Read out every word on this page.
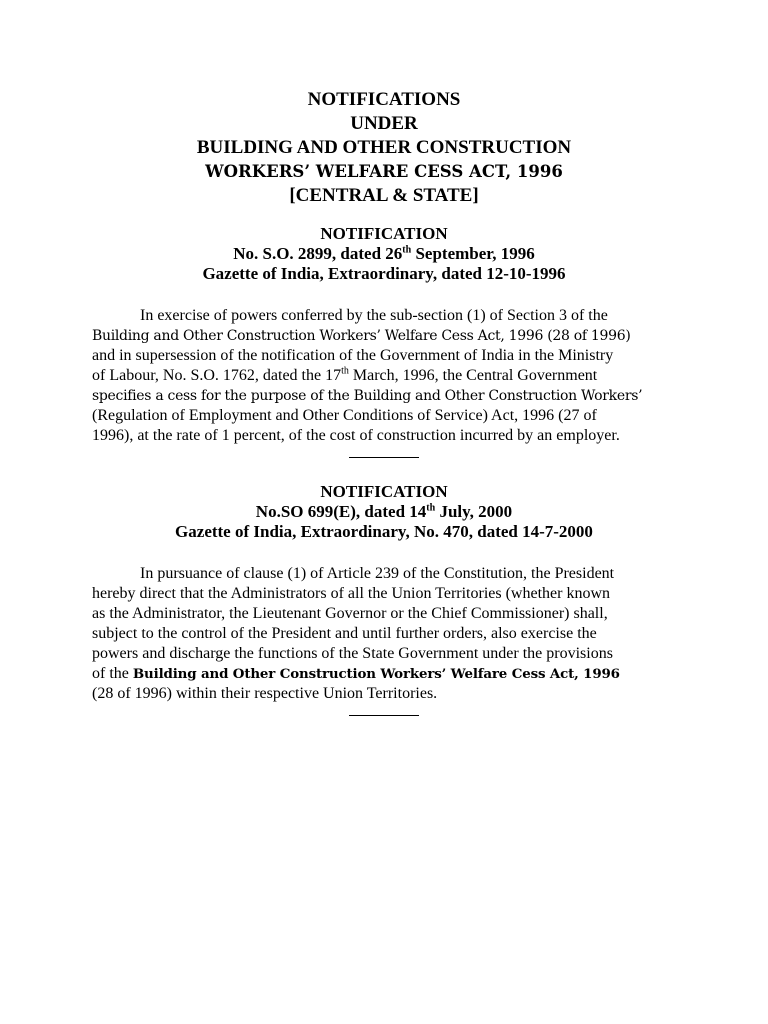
NOTIFICATIONS
UNDER
BUILDING AND OTHER CONSTRUCTION
WORKERS’ WELFARE CESS ACT, 1996
[CENTRAL & STATE]
NOTIFICATION
No. S.O. 2899, dated 26th September, 1996
Gazette of India, Extraordinary, dated 12-10-1996
In exercise of powers conferred by the sub-section (1) of Section 3 of the
Building and Other Construction Workers’ Welfare Cess Act, 1996 (28 of 1996)
and in supersession of the notification of the Government of India in the Ministry
of Labour, No. S.O. 1762, dated the 17th March, 1996, the Central Government
specifies a cess for the purpose of the Building and Other Construction Workers’
(Regulation of Employment and Other Conditions of Service) Act, 1996 (27 of
1996), at the rate of 1 percent, of the cost of construction incurred by an employer.
NOTIFICATION
No.SO 699(E), dated 14th July, 2000
Gazette of India, Extraordinary, No. 470, dated 14-7-2000
In pursuance of clause (1) of Article 239 of the Constitution, the President
hereby direct that the Administrators of all the Union Territories (whether known
as the Administrator, the Lieutenant Governor or the Chief Commissioner) shall,
subject to the control of the President and until further orders, also exercise the
powers and discharge the functions of the State Government under the provisions
of the Building and Other Construction Workers’ Welfare Cess Act, 1996
(28 of 1996) within their respective Union Territories.
